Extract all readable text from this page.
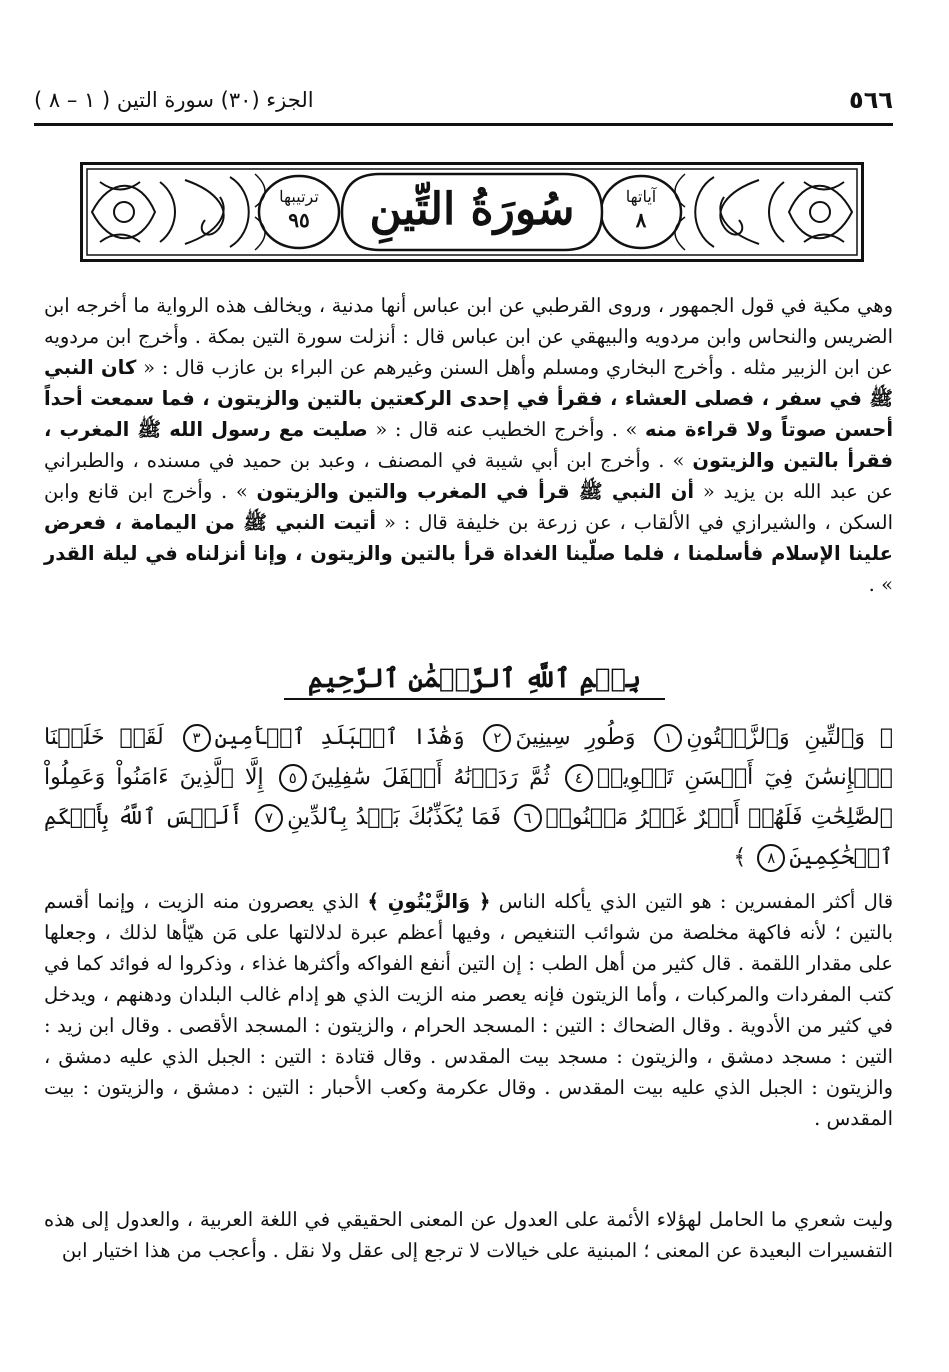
٥٦٦
الجزء (٣٠) سورة التين ( ١ – ٨ )
سُورَةُ التِّينِ	آياتها
٨
ترتيبها
٩٥
وهي مكية في قول الجمهور ، وروى القرطبي عن ابن عباس أنها مدنية ، ويخالف هذه الرواية ما أخرجه ابن الضريس والنحاس وابن مردويه والبيهقي عن ابن عباس قال : أنزلت سورة التين بمكة . وأخرج ابن مردويه عن ابن الزبير مثله . وأخرج البخاري ومسلم وأهل السنن وغيرهم عن البراء بن عازب قال : « كان النبي ﷺ في سفر ، فصلى العشاء ، فقرأ في إحدى الركعتين بالتين والزيتون ، فما سمعت أحداً أحسن صوتاً ولا قراءة منه » . وأخرج الخطيب عنه قال : « صليت مع رسول الله ﷺ المغرب ، فقرأ بالتين والزيتون » . وأخرج ابن أبي شيبة في المصنف ، وعبد بن حميد في مسنده ، والطبراني عن عبد الله بن يزيد « أن النبي ﷺ قرأ في المغرب والتين والزيتون » . وأخرج ابن قانع وابن السكن ، والشيرازي في الألقاب ، عن زرعة بن خليفة قال : « أتيت النبي ﷺ من اليمامة ، فعرض علينا الإسلام فأسلمنا ، فلما صلّينا الغداة قرأ بالتين والزيتون ، وإنا أنزلناه في ليلة القدر » .
بِسۡمِ ٱللَّهِ ٱلرَّحۡمَٰنِ ٱلرَّحِيمِ
﴿ وَٱلتِّينِ وَٱلزَّيۡتُونِ١ وَطُورِ سِينِينَ٢ وَهَٰذَا ٱلۡبَلَدِ ٱلۡأَمِينِ٣ لَقَدۡ خَلَقۡنَا ٱلۡإِنسَٰنَ فِيٓ أَحۡسَنِ تَقۡوِيمٖ٤ ثُمَّ رَدَدۡنَٰهُ أَسۡفَلَ سَٰفِلِينَ٥ إِلَّا ٱلَّذِينَ ءَامَنُواْ وَعَمِلُواْ ٱلصَّٰلِحَٰتِ فَلَهُمۡ أَجۡرٌ غَيۡرُ مَمۡنُونٖ٦ فَمَا يُكَذِّبُكَ بَعۡدُ بِٱلدِّينِ٧ أَلَيۡسَ ٱللَّهُ بِأَحۡكَمِ ٱلۡحَٰكِمِينَ٨ ﴾
قال أكثر المفسرين : هو التين الذي يأكله الناس ﴿ وَالزَّيْتُونِ ﴾ الذي يعصرون منه الزيت ، وإنما أقسم بالتين ؛ لأنه فاكهة مخلصة من شوائب التنغيص ، وفيها أعظم عبرة لدلالتها على مَن هيّأها لذلك ، وجعلها على مقدار اللقمة . قال كثير من أهل الطب : إن التين أنفع الفواكه وأكثرها غذاء ، وذكروا له فوائد كما في كتب المفردات والمركبات ، وأما الزيتون فإنه يعصر منه الزيت الذي هو إدام غالب البلدان ودهنهم ، ويدخل في كثير من الأدوية . وقال الضحاك : التين : المسجد الحرام ، والزيتون : المسجد الأقصى . وقال ابن زيد : التين : مسجد دمشق ، والزيتون : مسجد بيت المقدس . وقال قتادة : التين : الجبل الذي عليه دمشق ، والزيتون : الجبل الذي عليه بيت المقدس . وقال عكرمة وكعب الأحبار : التين : دمشق ، والزيتون : بيت المقدس .
وليت شعري ما الحامل لهؤلاء الأئمة على العدول عن المعنى الحقيقي في اللغة العربية ، والعدول إلى هذه التفسيرات البعيدة عن المعنى ؛ المبنية على خيالات لا ترجع إلى عقل ولا نقل . وأعجب من هذا اختيار ابن
